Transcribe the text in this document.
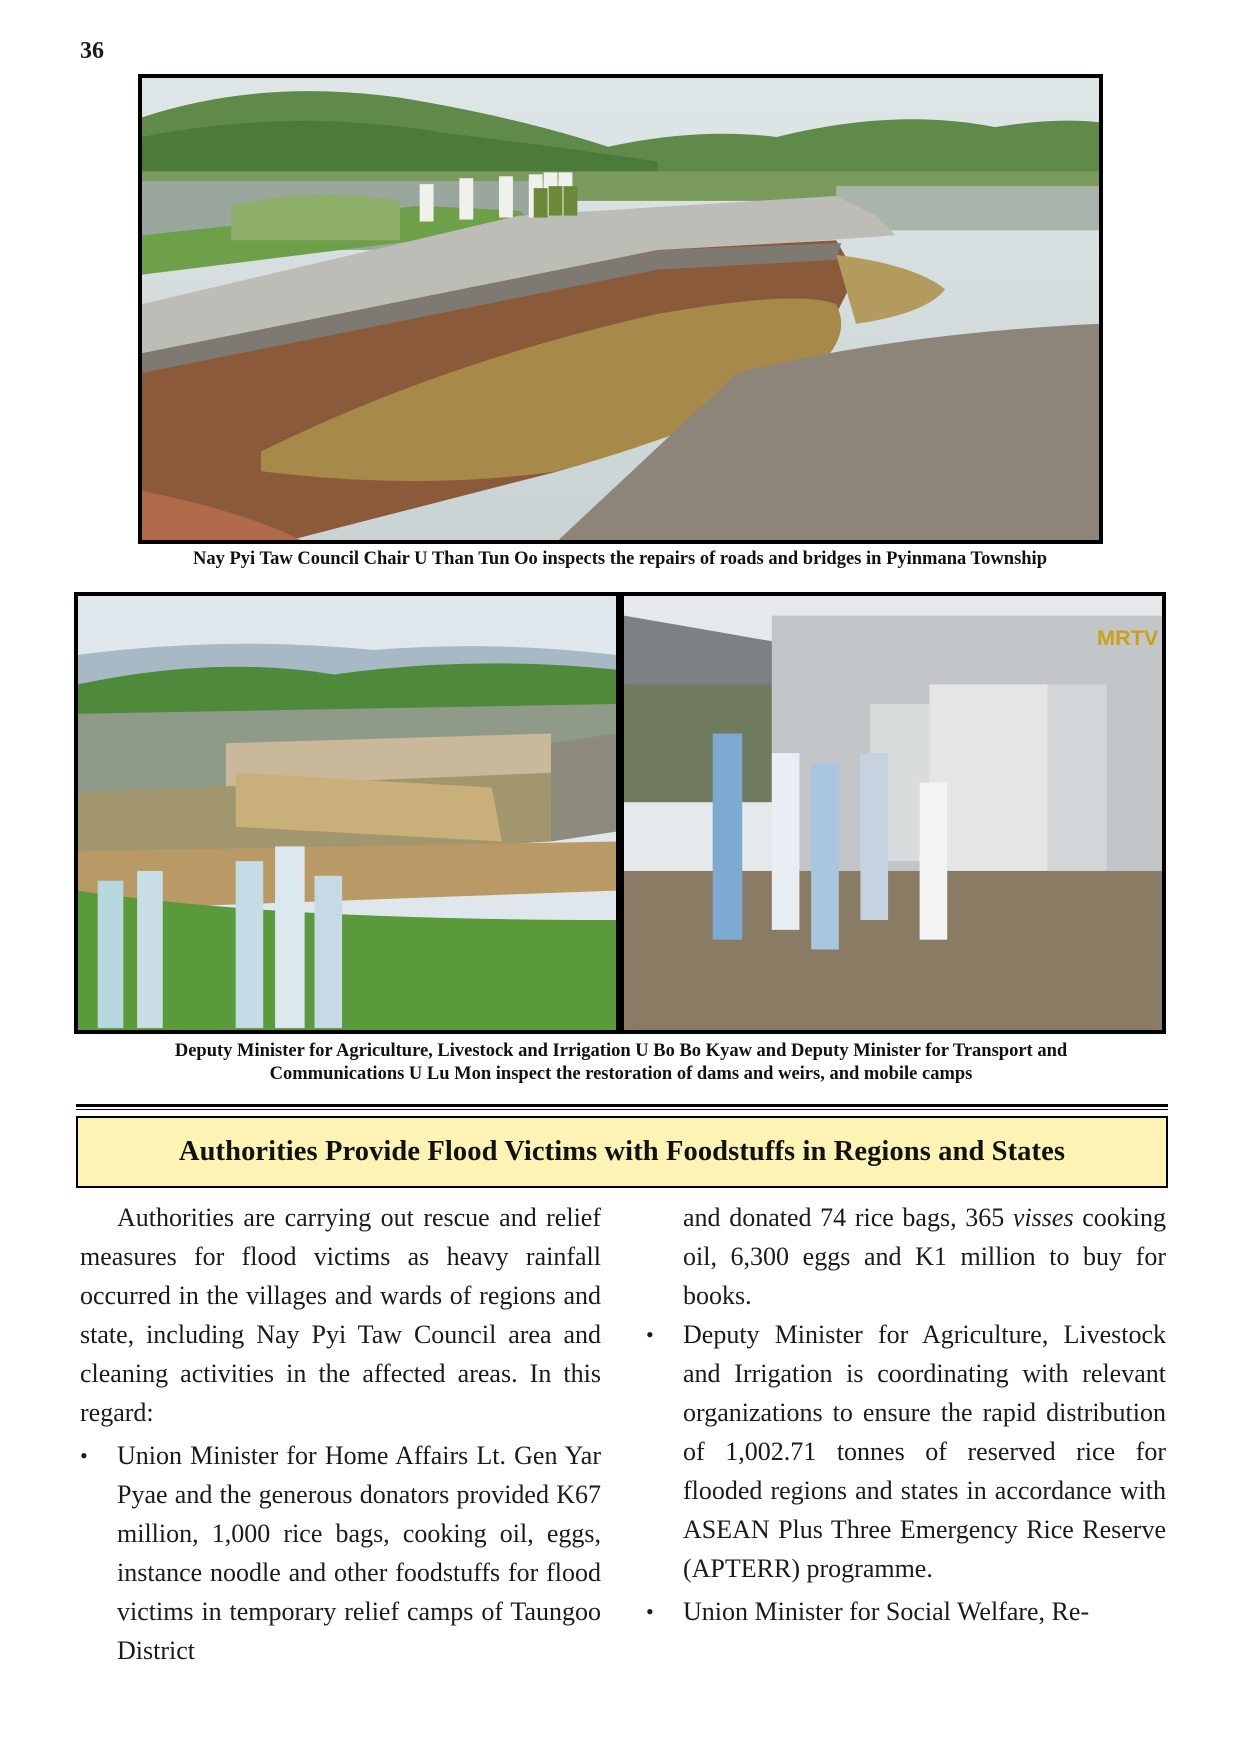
36
Nay Pyi Taw Council Chair U Than Tun Oo inspects the repairs of roads and bridges in Pyinmana Township
MRTV
Deputy Minister for Agriculture, Livestock and Irrigation U Bo Bo Kyaw and Deputy Minister for Transport and
Communications U Lu Mon inspect the restoration of dams and weirs, and mobile camps
Authorities Provide Flood Victims with Foodstuffs in Regions and States

Authorities are carrying out rescue and relief measures for flood victims as heavy rainfall occurred in the villages and wards of regions and state, including Nay Pyi Taw Council area and cleaning activities in the affected areas. In this regard:

• Union Minister for Home Affairs Lt. Gen Yar Pyae and the generous donators provided K67 million, 1,000 rice bags, cooking oil, eggs, instance noodle and other foodstuffs for flood victims in temporary relief camps of Taungoo District

and donated 74 rice bags, 365 visses cooking oil, 6,300 eggs and K1 million to buy for books.

• Deputy Minister for Agriculture, Livestock and Irrigation is coordinating with relevant organizations to ensure the rapid distribution of 1,002.71 tonnes of reserved rice for flooded regions and states in accordance with ASEAN Plus Three Emergency Rice Reserve (APTERR) programme.
• Union Minister for Social Welfare, Re-
